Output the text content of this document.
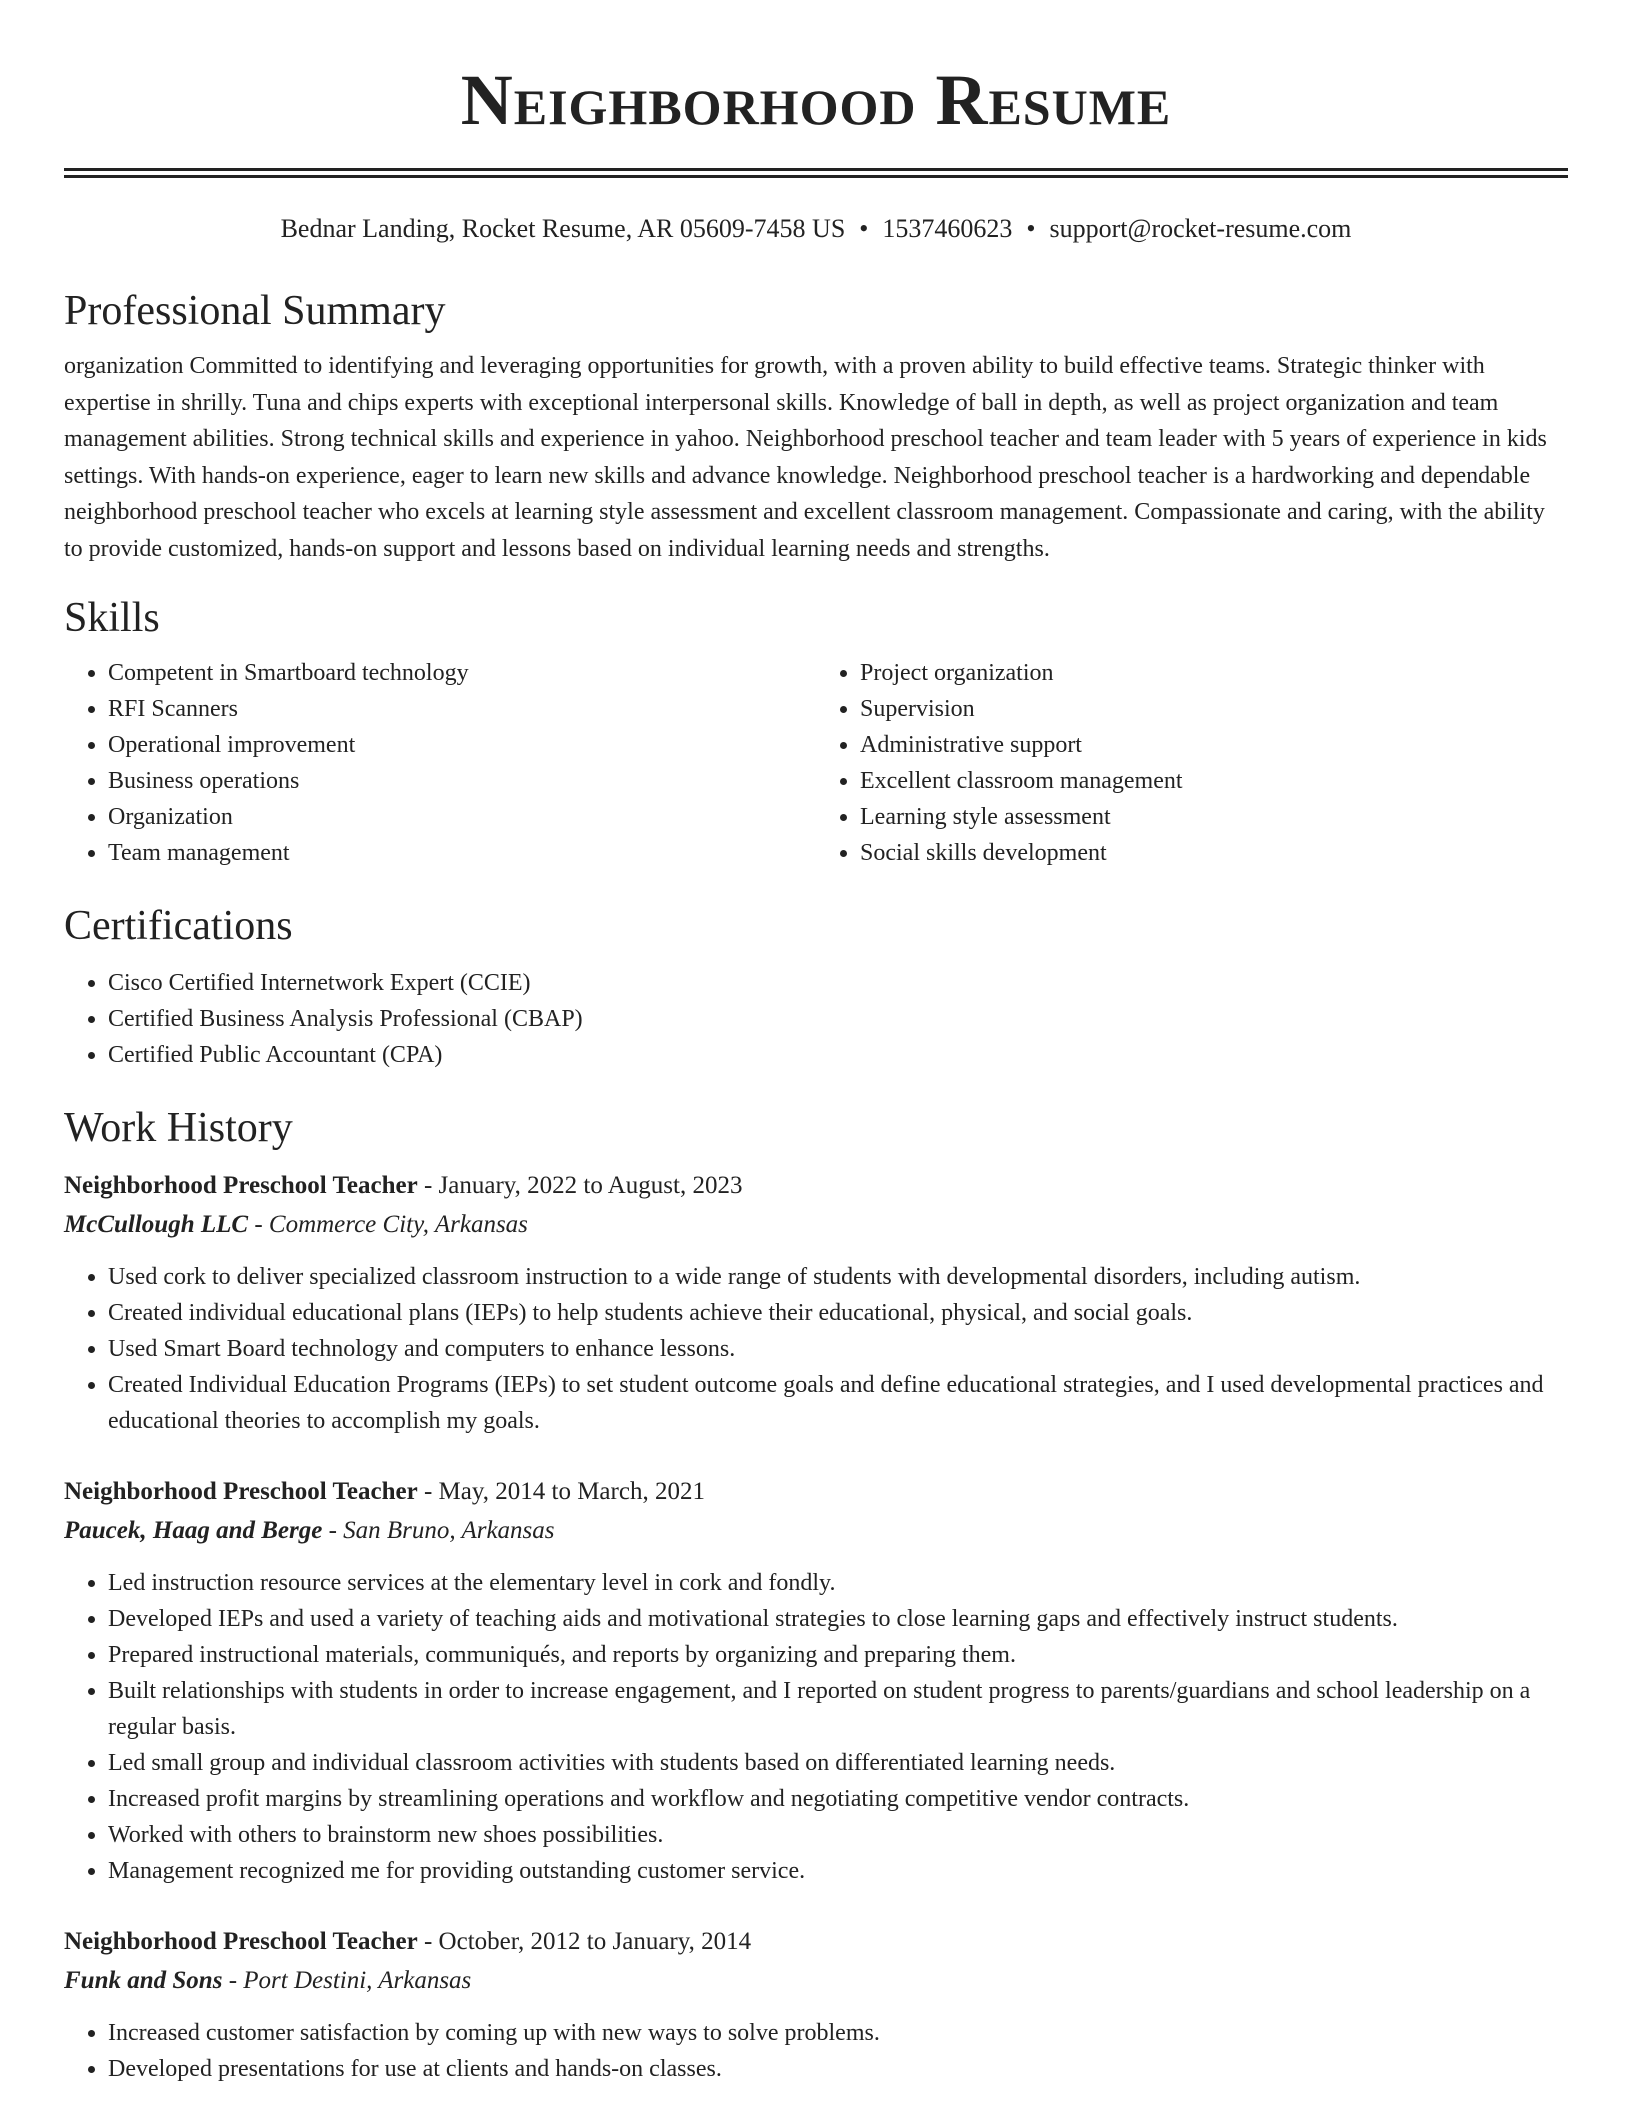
Neighborhood Resume
Bednar Landing, Rocket Resume, AR 05609-7458 US • 1537460623 • support@rocket-resume.com
Professional Summary
organization Committed to identifying and leveraging opportunities for growth, with a proven ability to build effective teams. Strategic thinker with expertise in shrilly. Tuna and chips experts with exceptional interpersonal skills. Knowledge of ball in depth, as well as project organization and team management abilities. Strong technical skills and experience in yahoo. Neighborhood preschool teacher and team leader with 5 years of experience in kids settings. With hands-on experience, eager to learn new skills and advance knowledge. Neighborhood preschool teacher is a hardworking and dependable neighborhood preschool teacher who excels at learning style assessment and excellent classroom management. Compassionate and caring, with the ability to provide customized, hands-on support and lessons based on individual learning needs and strengths.
Skills
• Competent in Smartboard technology
• RFI Scanners
• Operational improvement
• Business operations
• Organization
• Team management
• Project organization
• Supervision
• Administrative support
• Excellent classroom management
• Learning style assessment
• Social skills development
Certifications
• Cisco Certified Internetwork Expert (CCIE)
• Certified Business Analysis Professional (CBAP)
• Certified Public Accountant (CPA)
Work History
Neighborhood Preschool Teacher - January, 2022 to August, 2023
McCullough LLC - Commerce City, Arkansas
• Used cork to deliver specialized classroom instruction to a wide range of students with developmental disorders, including autism.
• Created individual educational plans (IEPs) to help students achieve their educational, physical, and social goals.
• Used Smart Board technology and computers to enhance lessons.
• Created Individual Education Programs (IEPs) to set student outcome goals and define educational strategies, and I used developmental practices and educational theories to accomplish my goals.
Neighborhood Preschool Teacher - May, 2014 to March, 2021
Paucek, Haag and Berge - San Bruno, Arkansas
• Led instruction resource services at the elementary level in cork and fondly.
• Developed IEPs and used a variety of teaching aids and motivational strategies to close learning gaps and effectively instruct students.
• Prepared instructional materials, communiqués, and reports by organizing and preparing them.
• Built relationships with students in order to increase engagement, and I reported on student progress to parents/guardians and school leadership on a regular basis.
• Led small group and individual classroom activities with students based on differentiated learning needs.
• Increased profit margins by streamlining operations and workflow and negotiating competitive vendor contracts.
• Worked with others to brainstorm new shoes possibilities.
• Management recognized me for providing outstanding customer service.
Neighborhood Preschool Teacher - October, 2012 to January, 2014
Funk and Sons - Port Destini, Arkansas
• Increased customer satisfaction by coming up with new ways to solve problems.
• Developed presentations for use at clients and hands-on classes.
